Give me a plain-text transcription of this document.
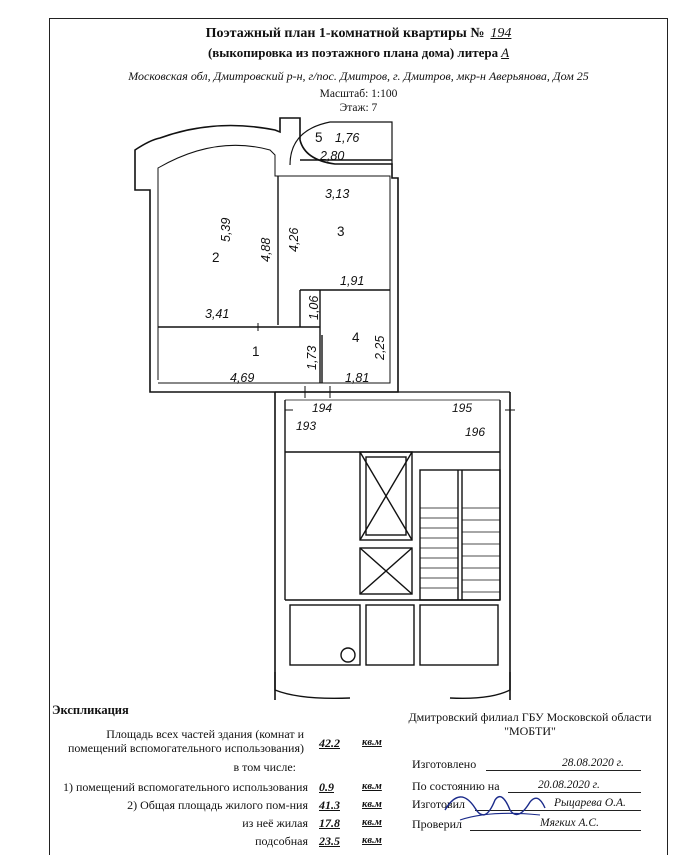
Поэтажный план 1-комнатной квартиры № 194
(выкопировка из поэтажного плана дома) литера А
Московская обл, Дмитровский р-н, г/пос. Дмитров, г. Дмитров, мкр-н Аверьянова, Дом 25
Масштаб: 1:100
Этаж: 7
1,76
2,80
3,13
5,39
4,88 4,26
1,91
1,06
3,41
2,25
1,73
4,69	1,81
5
2
3
4
1
194	195
193	196
Экспликация
Площадь всех частей здания (комнат и
помещений вспомогательного использования) 42.2 кв.м
в том числе:
1) помещений вспомогательного использования 0.9	кв.м
2) Общая площадь жилого пом-ния 41.3 кв.м
из неё жилая 17.8 кв.м
подсобная 23.5 кв.м
Дмитровский филиал ГБУ Московской области
"МОБТИ"
Изготовлено	28.08.2020 г.
По состоянию на	20.08.2020 г.
Изготовил	Рыцарева О.А.
Проверил	Мягких А.С.
